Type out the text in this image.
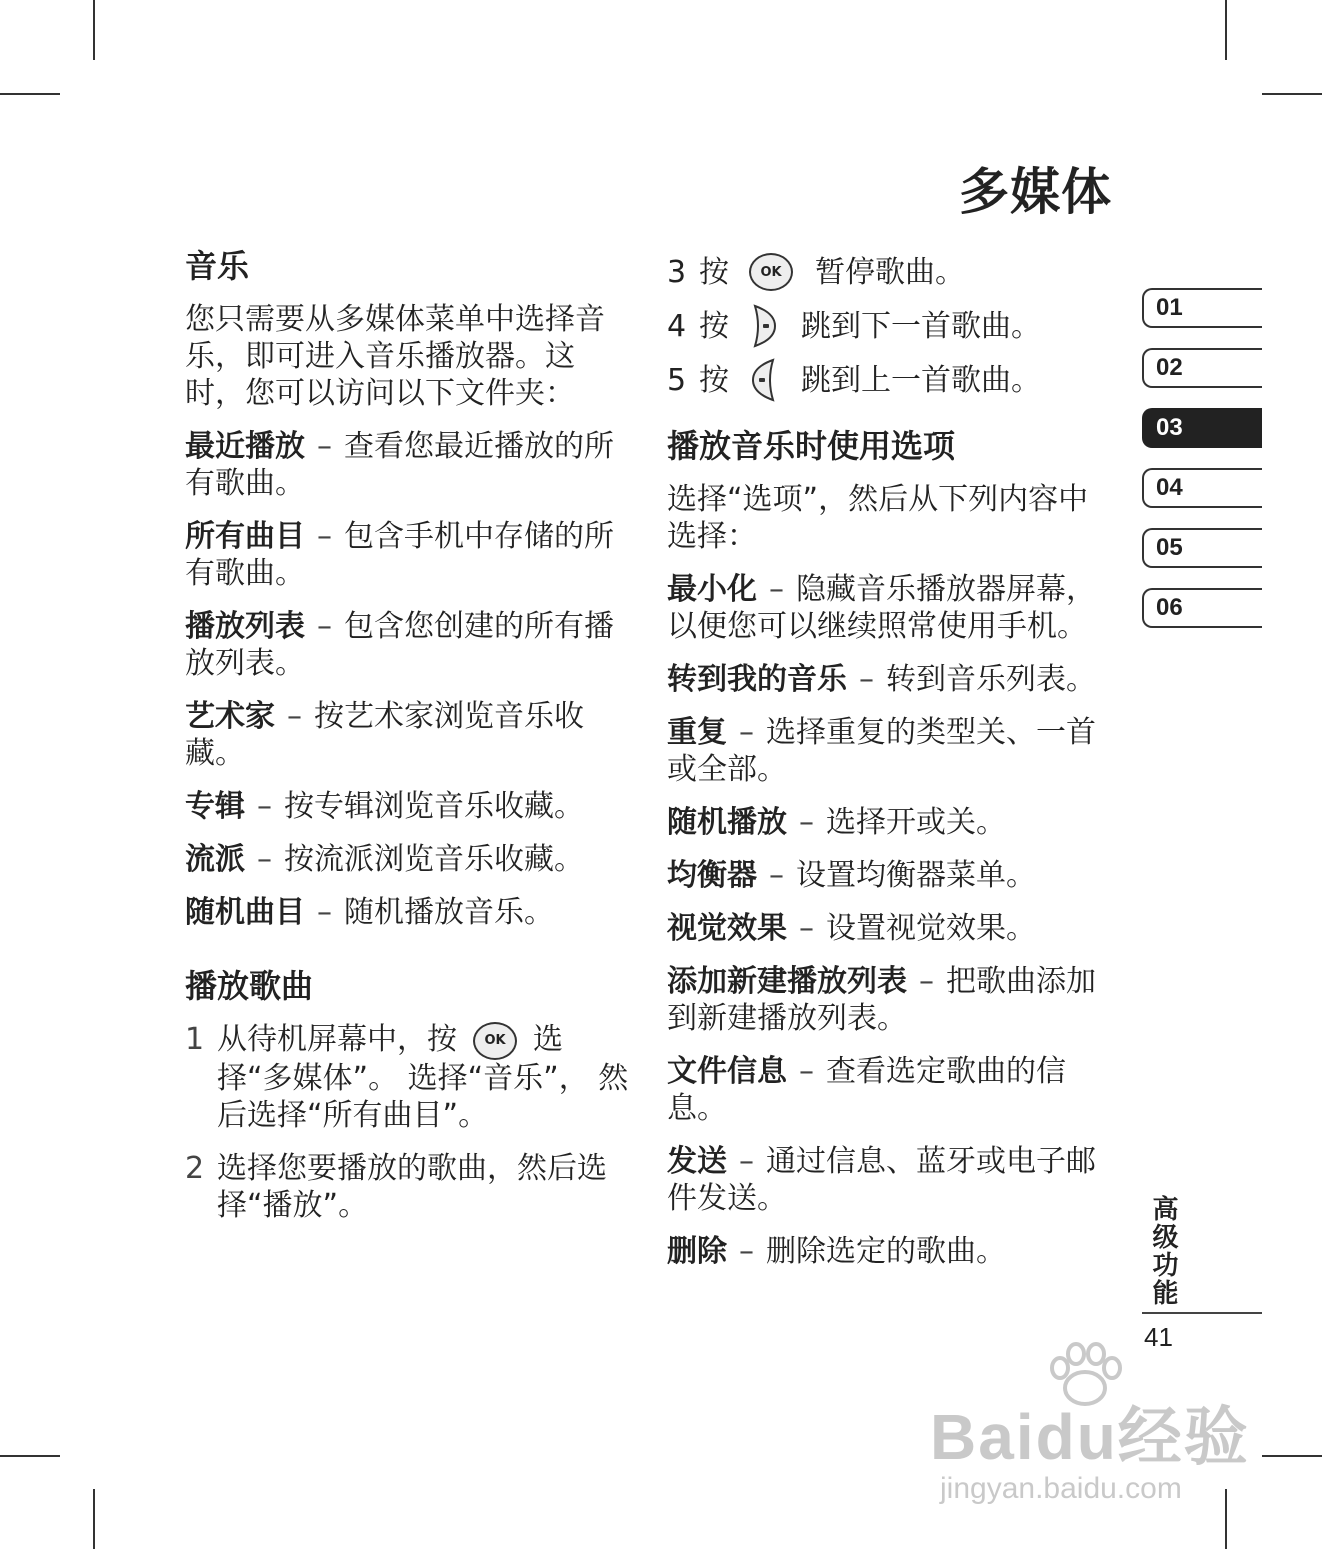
多媒体
音乐
您只需要从多媒体菜单中选择音乐，即可进入音乐播放器。这时，您可以访问以下文件夹：
最近播放 – 查看您最近播放的所有歌曲。
所有曲目 – 包含手机中存储的所有歌曲。
播放列表 – 包含您创建的所有播放列表。
艺术家 – 按艺术家浏览音乐收藏。
专辑 – 按专辑浏览音乐收藏。
流派 – 按流派浏览音乐收藏。
随机曲目 – 随机播放音乐。
播放歌曲
1 从待机屏幕中，按 OK 选择“多媒体”。 选择“音乐”， 然后选择“所有曲目”。
2 选择您要播放的歌曲，然后选择“播放”。
3 按	OK	暂停歌曲。
4 按	跳到下一首歌曲。
5 按	跳到上一首歌曲。
播放音乐时使用选项
选择“选项”，然后从下列内容中选择：
最小化 – 隐藏音乐播放器屏幕，以便您可以继续照常使用手机。
转到我的音乐 – 转到音乐列表。
重复 – 选择重复的类型关、一首或全部。
随机播放 – 选择开或关。
均衡器 – 设置均衡器菜单。
视觉效果 – 设置视觉效果。
添加新建播放列表 – 把歌曲添加到新建播放列表。
文件信息 – 查看选定歌曲的信息。
发送 – 通过信息、蓝牙或电子邮件发送。
删除 – 删除选定的歌曲。
01
02
03
04
05
06
高级功能
41
Baidu经验
jingyan.baidu.com
